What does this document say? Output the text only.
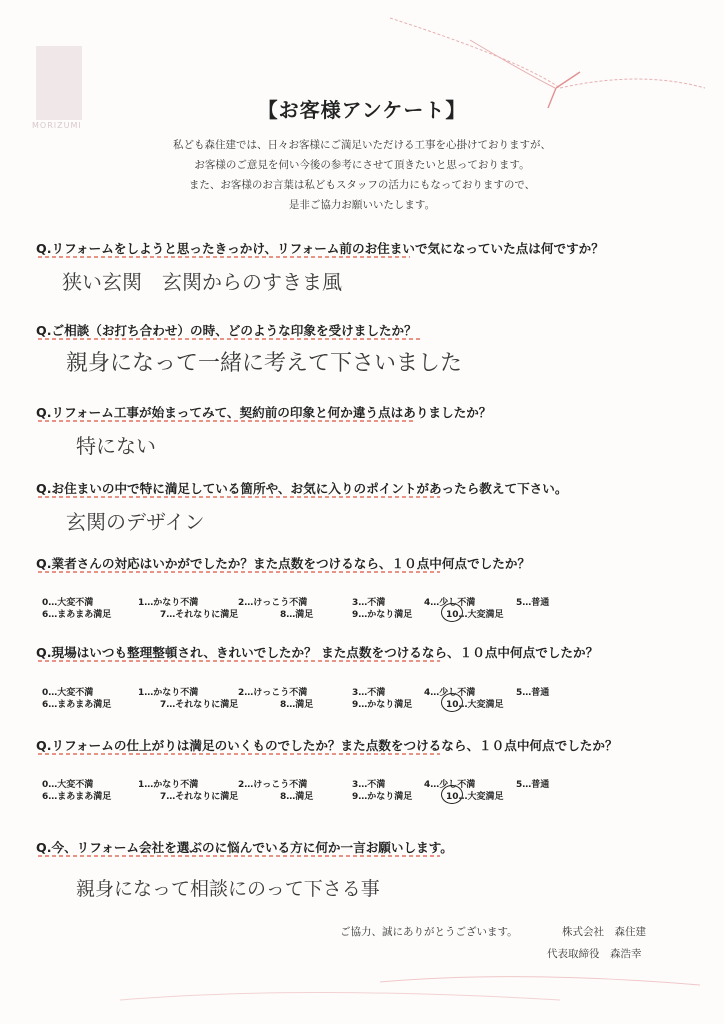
MORIZUMI
【お客様アンケート】
私ども森住建では、日々お客様にご満足いただける工事を心掛けておりますが、
お客様のご意見を伺い今後の参考にさせて頂きたいと思っております。
また、お客様のお言葉は私どもスタッフの活力にもなっておりますので、
是非ご協力お願いいたします。
Q.リフォームをしようと思ったきっかけ、リフォーム前のお住まいで気になっていた点は何ですか？
狭い玄関　玄関からのすきま風
Q.ご相談（お打ち合わせ）の時、どのような印象を受けましたか？
親身になって一緒に考えて下さいました
Q.リフォーム工事が始まってみて、契約前の印象と何か違う点はありましたか？
特にない
Q.お住まいの中で特に満足している箇所や、お気に入りのポイントがあったら教えて下さい。
玄関のデザイン
Q.業者さんの対応はいかがでしたか？また点数をつけるなら、１０点中何点でしたか？
0…大変不満	1…かなり不満	2…けっこう不満	3…不満	4…少し不満	5…普通
6…まあまあ満足	7…それなりに満足	8…満足	9…かなり満足	10…大変満足
Q.現場はいつも整理整頓され、きれいでしたか？ また点数をつけるなら、１０点中何点でしたか？
0…大変不満	1…かなり不満	2…けっこう不満	3…不満	4…少し不満	5…普通
6…まあまあ満足	7…それなりに満足	8…満足	9…かなり満足	10…大変満足
Q.リフォームの仕上がりは満足のいくものでしたか？また点数をつけるなら、１０点中何点でしたか？
0…大変不満	1…かなり不満	2…けっこう不満	3…不満	4…少し不満	5…普通
6…まあまあ満足	7…それなりに満足	8…満足	9…かなり満足	10…大変満足
Q.今、リフォーム会社を選ぶのに悩んでいる方に何か一言お願いします。
親身になって相談にのって下さる事
ご協力、誠にありがとうございます。	株式会社　森住建
代表取締役　森浩幸
